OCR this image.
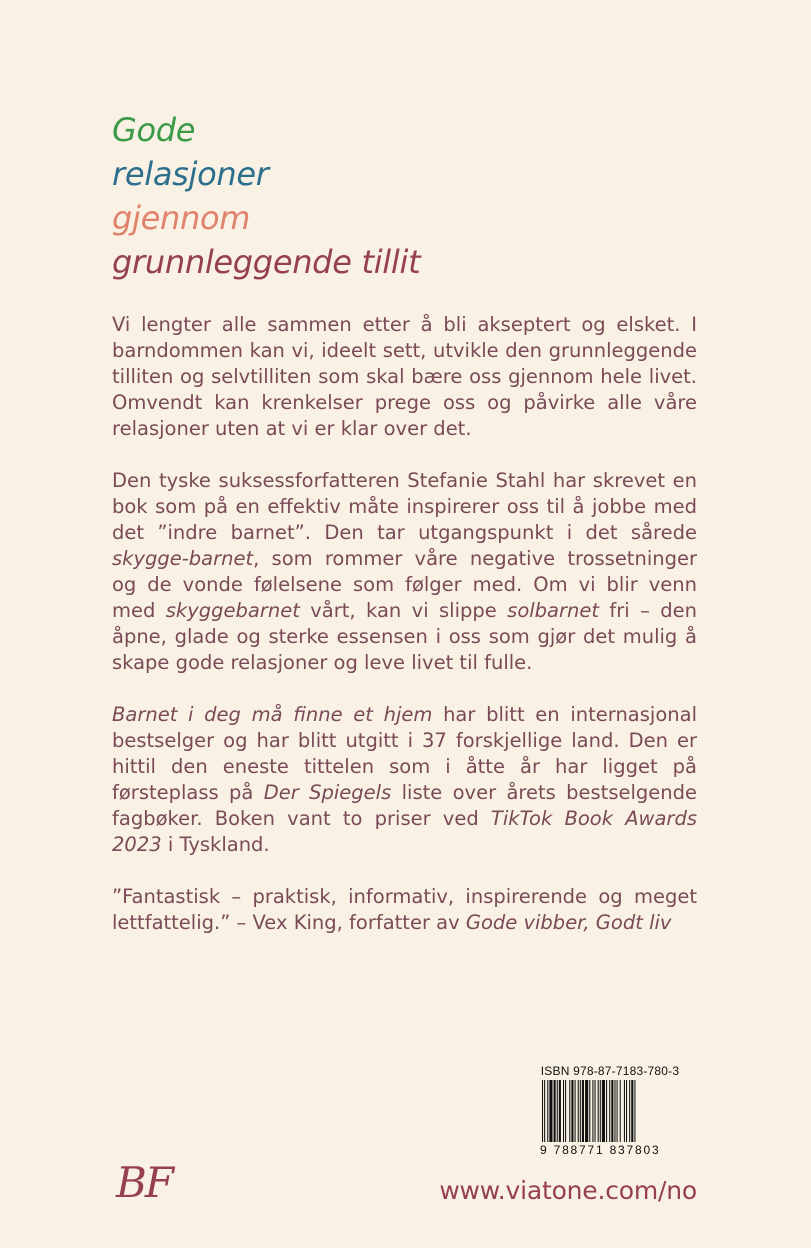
Gode
relasjoner
gjennom
grunnleggende tillit

Vi lengter alle sammen etter å bli akseptert og elsket. I barndommen kan vi, ideelt sett, utvikle den grunnleggende tilliten og selvtilliten som skal bære oss gjennom hele livet. Omvendt kan krenkelser prege oss og påvirke alle våre relasjoner uten at vi er klar over det.

Den tyske suksessforfatteren Stefanie Stahl har skrevet en bok som på en effektiv måte inspirerer oss til å jobbe med det ”indre barnet”. Den tar utgangspunkt i det sårede skygge-barnet, som rommer våre negative trossetninger og de vonde følelsene som følger med. Om vi blir venn med skyggebarnet vårt, kan vi slippe solbarnet fri – den åpne, glade og sterke essensen i oss som gjør det mulig å skape gode relasjoner og leve livet til fulle.

Barnet i deg må finne et hjem har blitt en internasjonal bestselger og har blitt utgitt i 37 forskjellige land. Den er hittil den eneste tittelen som i åtte år har ligget på førsteplass på Der Spiegels liste over årets bestselgende fagbøker. Boken vant to priser ved TikTok Book Awards 2023 i Tyskland.

”Fantastisk – praktisk, informativ, inspirerende og meget lettfattelig.” – Vex King, forfatter av Gode vibber, Godt liv

ISBN 978-87-7183-780-3
9 788771 837803
BF	www.viatone.com/no
